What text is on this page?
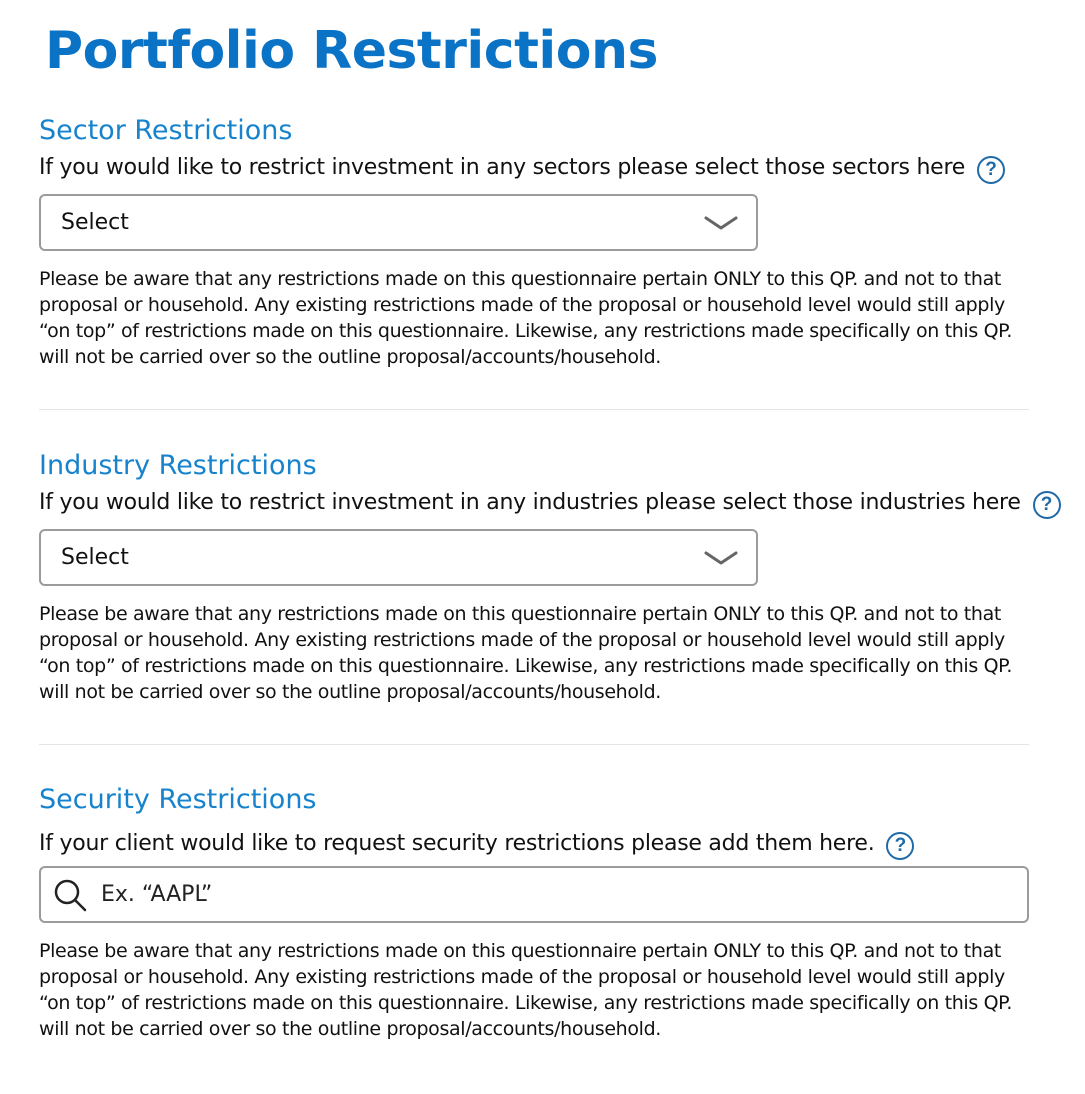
Portfolio Restrictions
Sector Restrictions
If you would like to restrict investment in any sectors please select those sectors here	?
Select

Please be aware that any restrictions made on this questionnaire pertain ONLY to this QP. and not to that proposal or household. Any existing restrictions made of the proposal or household level would still apply “on top” of restrictions made on this questionnaire. Likewise, any restrictions made specifically on this QP. will not be carried over so the outline proposal/accounts/household.

Industry Restrictions
If you would like to restrict investment in any industries please select those industries here	?
Select

Please be aware that any restrictions made on this questionnaire pertain ONLY to this QP. and not to that proposal or household. Any existing restrictions made of the proposal or household level would still apply “on top” of restrictions made on this questionnaire. Likewise, any restrictions made specifically on this QP. will not be carried over so the outline proposal/accounts/household.

Security Restrictions
If your client would like to request security restrictions please add them here.	?
Ex. “AAPL”

Please be aware that any restrictions made on this questionnaire pertain ONLY to this QP. and not to that proposal or household. Any existing restrictions made of the proposal or household level would still apply “on top” of restrictions made on this questionnaire. Likewise, any restrictions made specifically on this QP. will not be carried over so the outline proposal/accounts/household.
